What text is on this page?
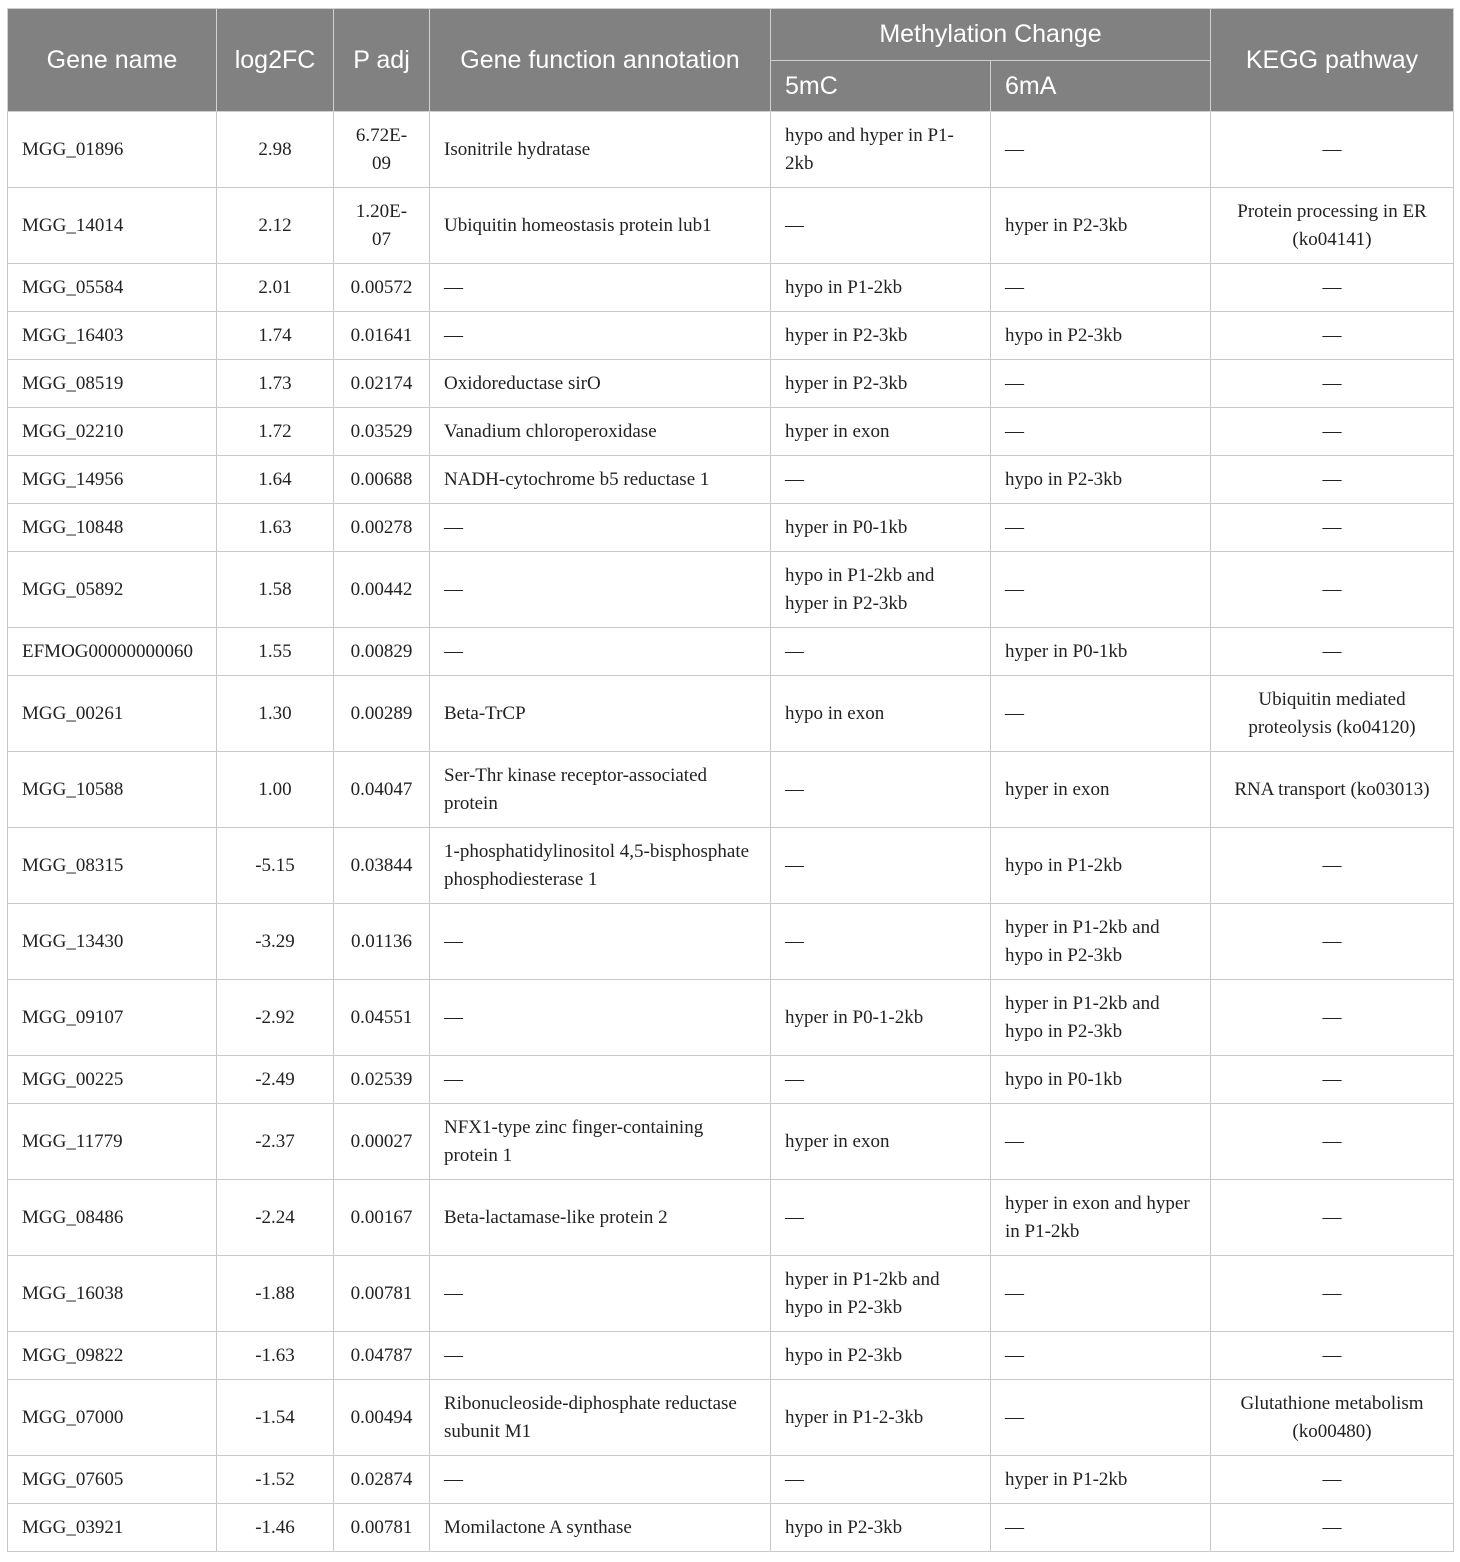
Gene name	log2FC	P adj	Gene function annotation	Methylation Change		KEGG pathway
				5mC	6mA	
MGG_01896	2.98	6.72E-09	Isonitrile hydratase	hypo and hyper in P1-2kb	—	—
MGG_14014	2.12	1.20E-07	Ubiquitin homeostasis protein lub1	—	hyper in P2-3kb	Protein processing in ER (ko04141)
MGG_05584	2.01	0.00572	—	hypo in P1-2kb	—	—
MGG_16403	1.74	0.01641	—	hyper in P2-3kb	hypo in P2-3kb	—
MGG_08519	1.73	0.02174	Oxidoreductase sirO	hyper in P2-3kb	—	—
MGG_02210	1.72	0.03529	Vanadium chloroperoxidase	hyper in exon	—	—
MGG_14956	1.64	0.00688	NADH-cytochrome b5 reductase 1	—	hypo in P2-3kb	—
MGG_10848	1.63	0.00278	—	hyper in P0-1kb	—	—
MGG_05892	1.58	0.00442	—	hypo in P1-2kb and hyper in P2-3kb	—	—
EFMOG00000000060	1.55	0.00829	—	—	hyper in P0-1kb	—
MGG_00261	1.30	0.00289	Beta-TrCP	hypo in exon	—	Ubiquitin mediated proteolysis (ko04120)
MGG_10588	1.00	0.04047	Ser-Thr kinase receptor-associated protein	—	hyper in exon	RNA transport (ko03013)
MGG_08315	-5.15	0.03844	1-phosphatidylinositol 4,5-bisphosphate phosphodiesterase 1	—	hypo in P1-2kb	—
MGG_13430	-3.29	0.01136	—	—	hyper in P1-2kb and hypo in P2-3kb	—
MGG_09107	-2.92	0.04551	—	hyper in P0-1-2kb	hyper in P1-2kb and hypo in P2-3kb	—
MGG_00225	-2.49	0.02539	—	—	hypo in P0-1kb	—
MGG_11779	-2.37	0.00027	NFX1-type zinc finger-containing protein 1	hyper in exon	—	—
MGG_08486	-2.24	0.00167	Beta-lactamase-like protein 2	—	hyper in exon and hyper in P1-2kb	—
MGG_16038	-1.88	0.00781	—	hyper in P1-2kb and hypo in P2-3kb	—	—
MGG_09822	-1.63	0.04787	—	hypo in P2-3kb	—	—
MGG_07000	-1.54	0.00494	Ribonucleoside-diphosphate reductase subunit M1	hyper in P1-2-3kb	—	Glutathione metabolism (ko00480)
MGG_07605	-1.52	0.02874	—	—	hyper in P1-2kb	—
MGG_03921	-1.46	0.00781	Momilactone A synthase	hypo in P2-3kb	—	—
